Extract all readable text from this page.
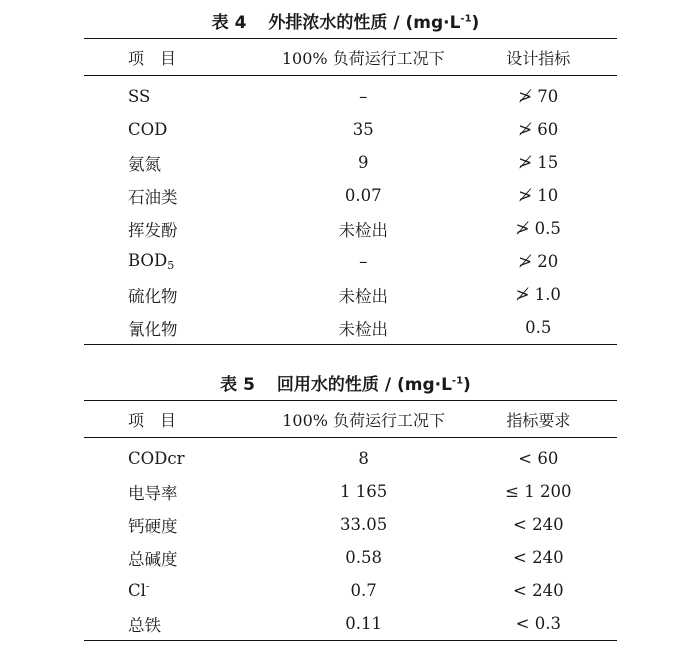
表 4 外排浓水的性质 / $(mg\cdot L^{-1})$
项　目	100% 负荷运行工况下	设计指标
SS	–	≯ 70
COD	35	≯ 60
氨氮	9	≯ 15
石油类	0.07	≯ 10
挥发酚	未检出	≯ 0.5
$BOD_5$	–	≯ 20
硫化物	未检出	≯ 1.0
氰化物	未检出	0.5
表 5 回用水的性质 / $(mg\cdot L^{-1})$
项　目	100% 负荷运行工况下	指标要求
CODcr	8	< 60
电导率	1 165	≤ 1 200
钙硬度	33.05	< 240
总碱度	0.58	< 240
Cl-	0.7	< 240
总铁	0.11	< 0.3
